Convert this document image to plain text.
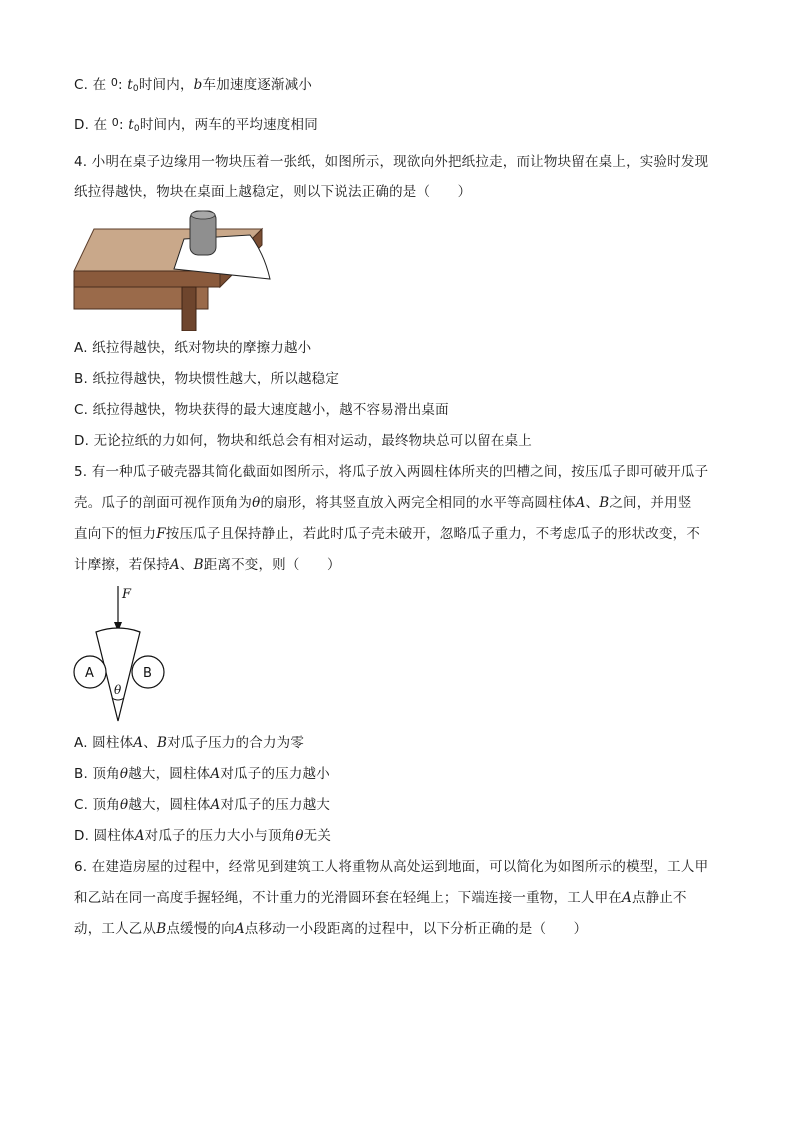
C. 在 $^0$: $t_0$时间内，b车加速度逐渐减小
D. 在 $^0$: $t_0$时间内，两车的平均速度相同
4. 小明在桌子边缘用一物块压着一张纸，如图所示，现欲向外把纸拉走，而让物块留在桌上，实验时发现
纸拉得越快，物块在桌面上越稳定，则以下说法正确的是（　　）
A. 纸拉得越快，纸对物块的摩擦力越小
B. 纸拉得越快，物块惯性越大，所以越稳定
C. 纸拉得越快，物块获得的最大速度越小，越不容易滑出桌面
D. 无论拉纸的力如何，物块和纸总会有相对运动，最终物块总可以留在桌上
5. 有一种瓜子破壳器其简化截面如图所示，将瓜子放入两圆柱体所夹的凹槽之间，按压瓜子即可破开瓜子
壳。瓜子的剖面可视作顶角为θ的扇形，将其竖直放入两完全相同的水平等高圆柱体A、B之间，并用竖
直向下的恒力F按压瓜子且保持静止，若此时瓜子壳未破开，忽略瓜子重力，不考虑瓜子的形状改变，不
计摩擦，若保持A、B距离不变，则（　　）
F
A	B
θ
A. 圆柱体A、B对瓜子压力的合力为零
B. 顶角θ越大，圆柱体A对瓜子的压力越小
C. 顶角θ越大，圆柱体A对瓜子的压力越大
D. 圆柱体A对瓜子的压力大小与顶角θ无关
6. 在建造房屋的过程中，经常见到建筑工人将重物从高处运到地面，可以简化为如图所示的模型，工人甲
和乙站在同一高度手握轻绳，不计重力的光滑圆环套在轻绳上；下端连接一重物，工人甲在A点静止不
动，工人乙从B点缓慢的向A点移动一小段距离的过程中，以下分析正确的是（　　）
